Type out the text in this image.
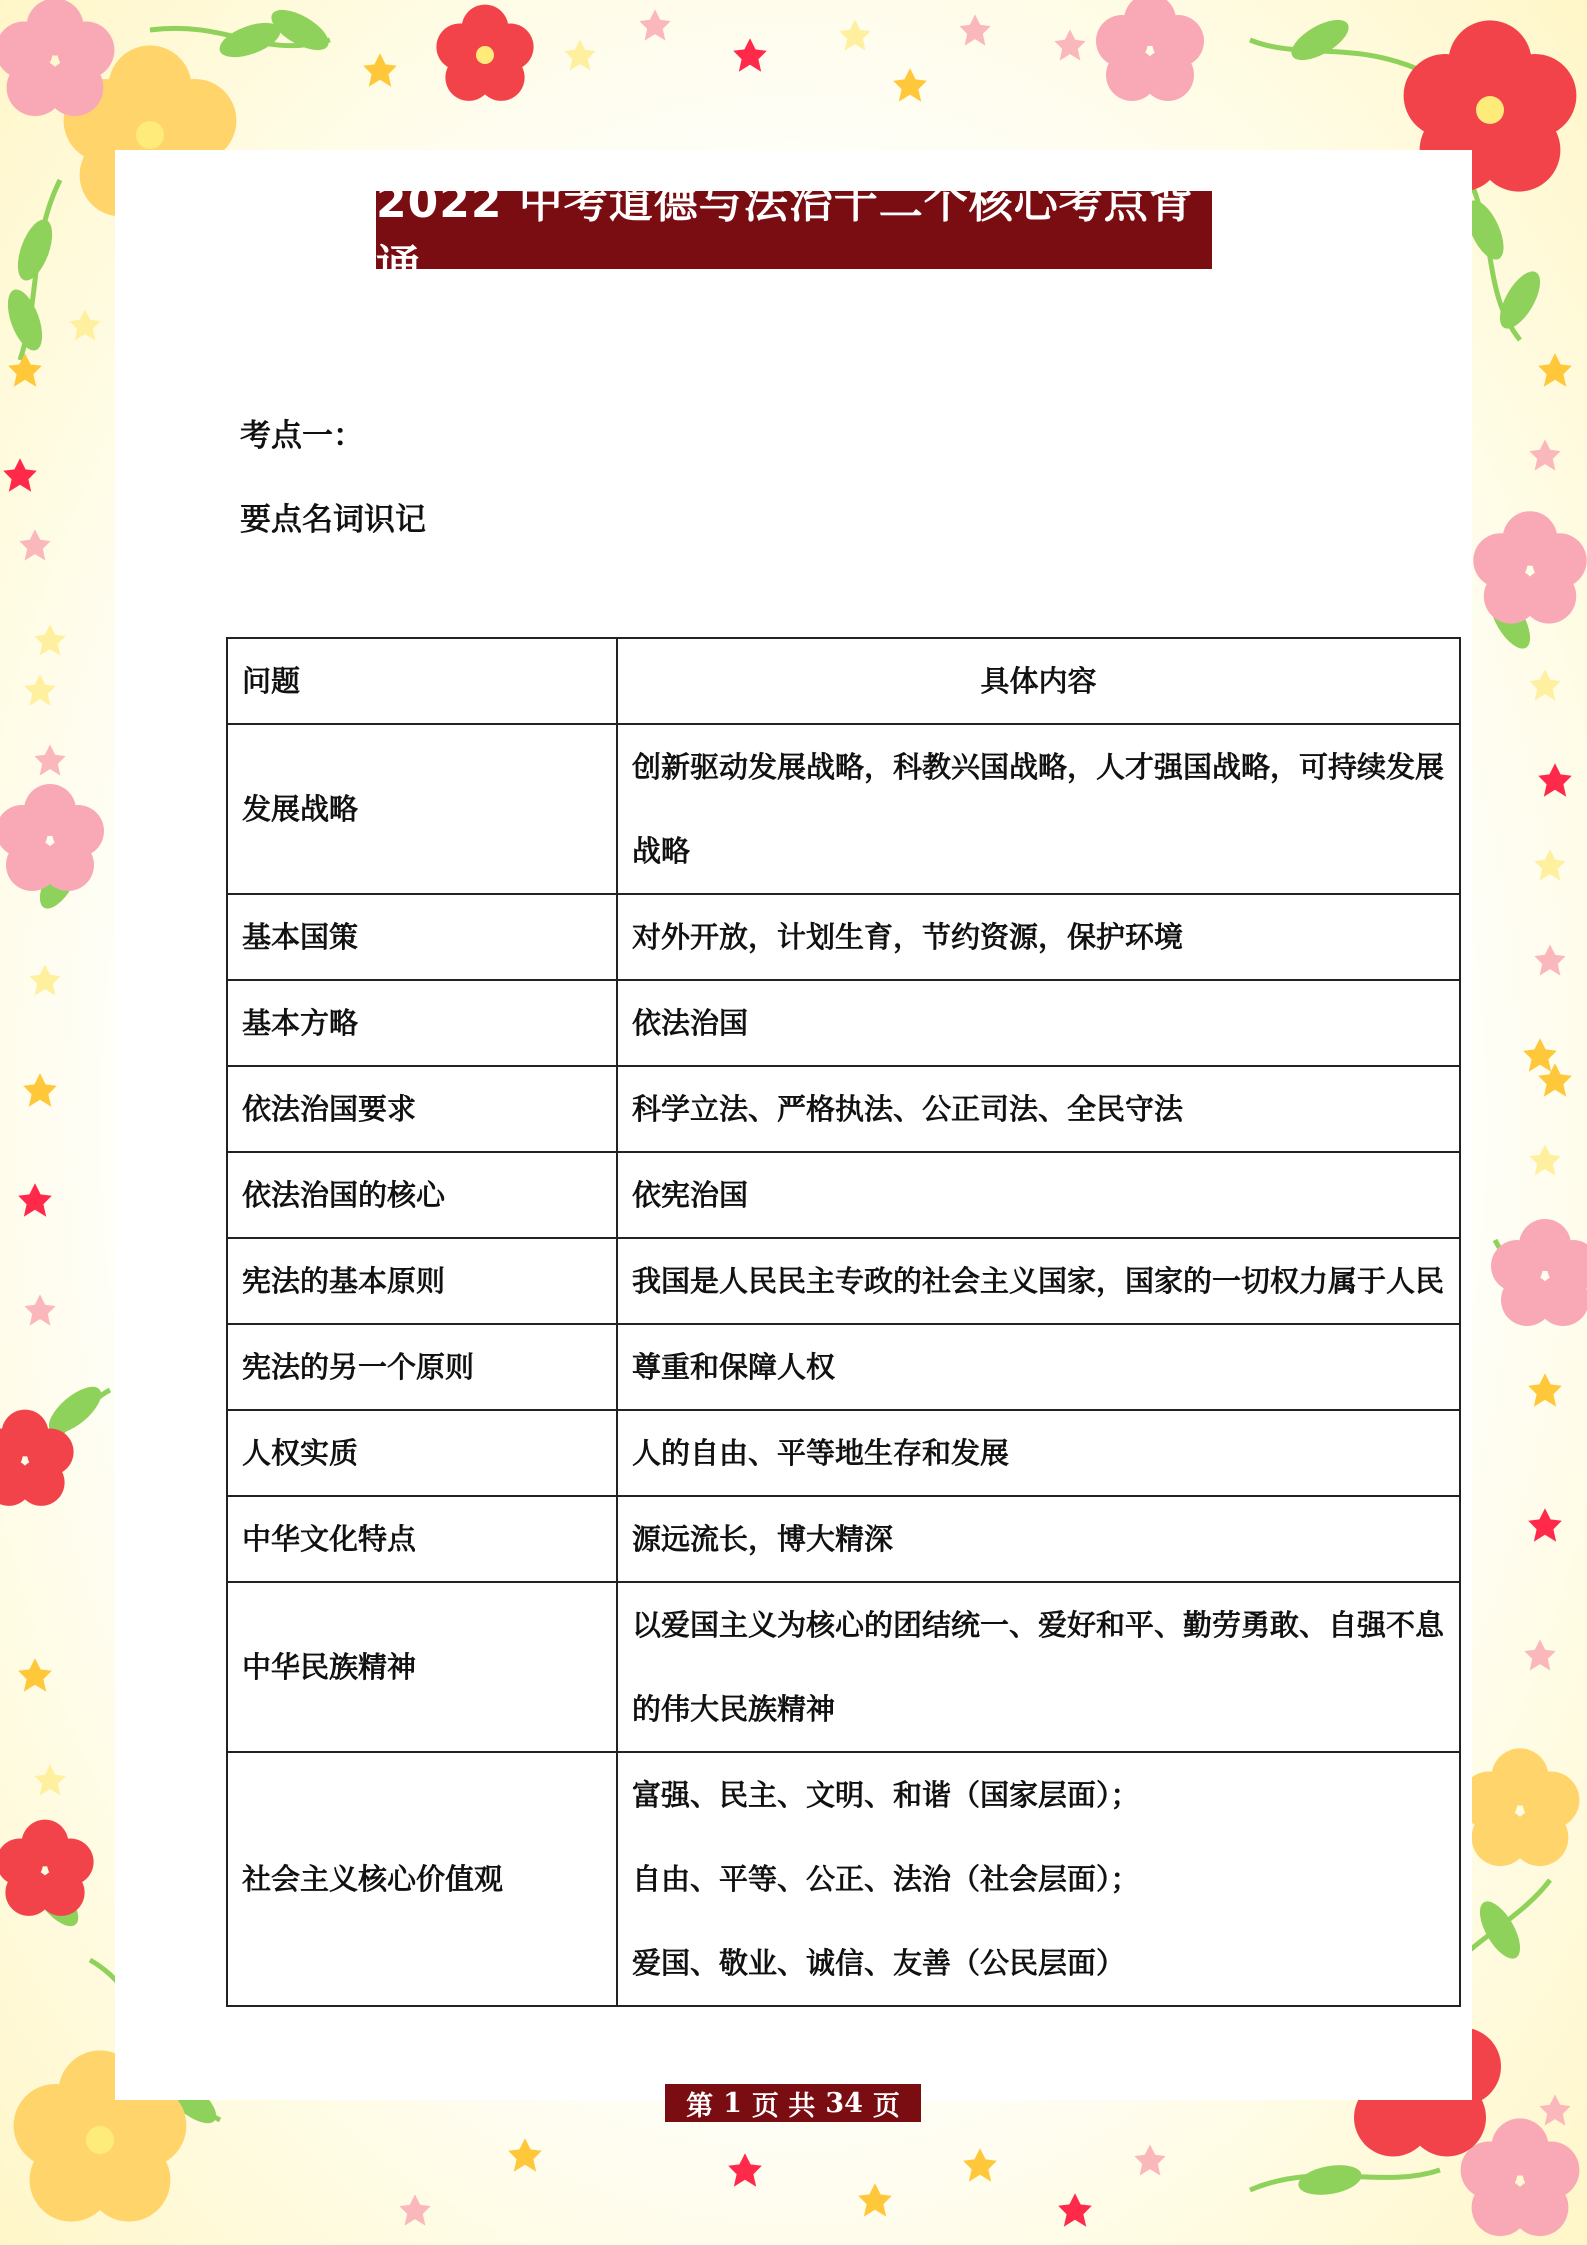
2022 中考道德与法治十二个核心考点背诵
考点一：
要点名词识记
问题	具体内容
发展战略	创新驱动发展战略，科教兴国战略，人才强国战略，可持续发展
战略

基本国策	对外开放，计划生育，节约资源，保护环境

基本方略	依法治国

依法治国要求	科学立法、严格执法、公正司法、全民守法

依法治国的核心	依宪治国

宪法的基本原则	我国是人民民主专政的社会主义国家，国家的一切权力属于人民

宪法的另一个原则	尊重和保障人权

人权实质	人的自由、平等地生存和发展

中华文化特点	源远流长，博大精深

中华民族精神	以爱国主义为核心的团结统一、爱好和平、勤劳勇敢、自强不息
的伟大民族精神

社会主义核心价值观	富强、民主、文明、和谐（国家层面）；
自由、平等、公正、法治（社会层面）；
爱国、敬业、诚信、友善（公民层面）
第 1 页 共 34 页
